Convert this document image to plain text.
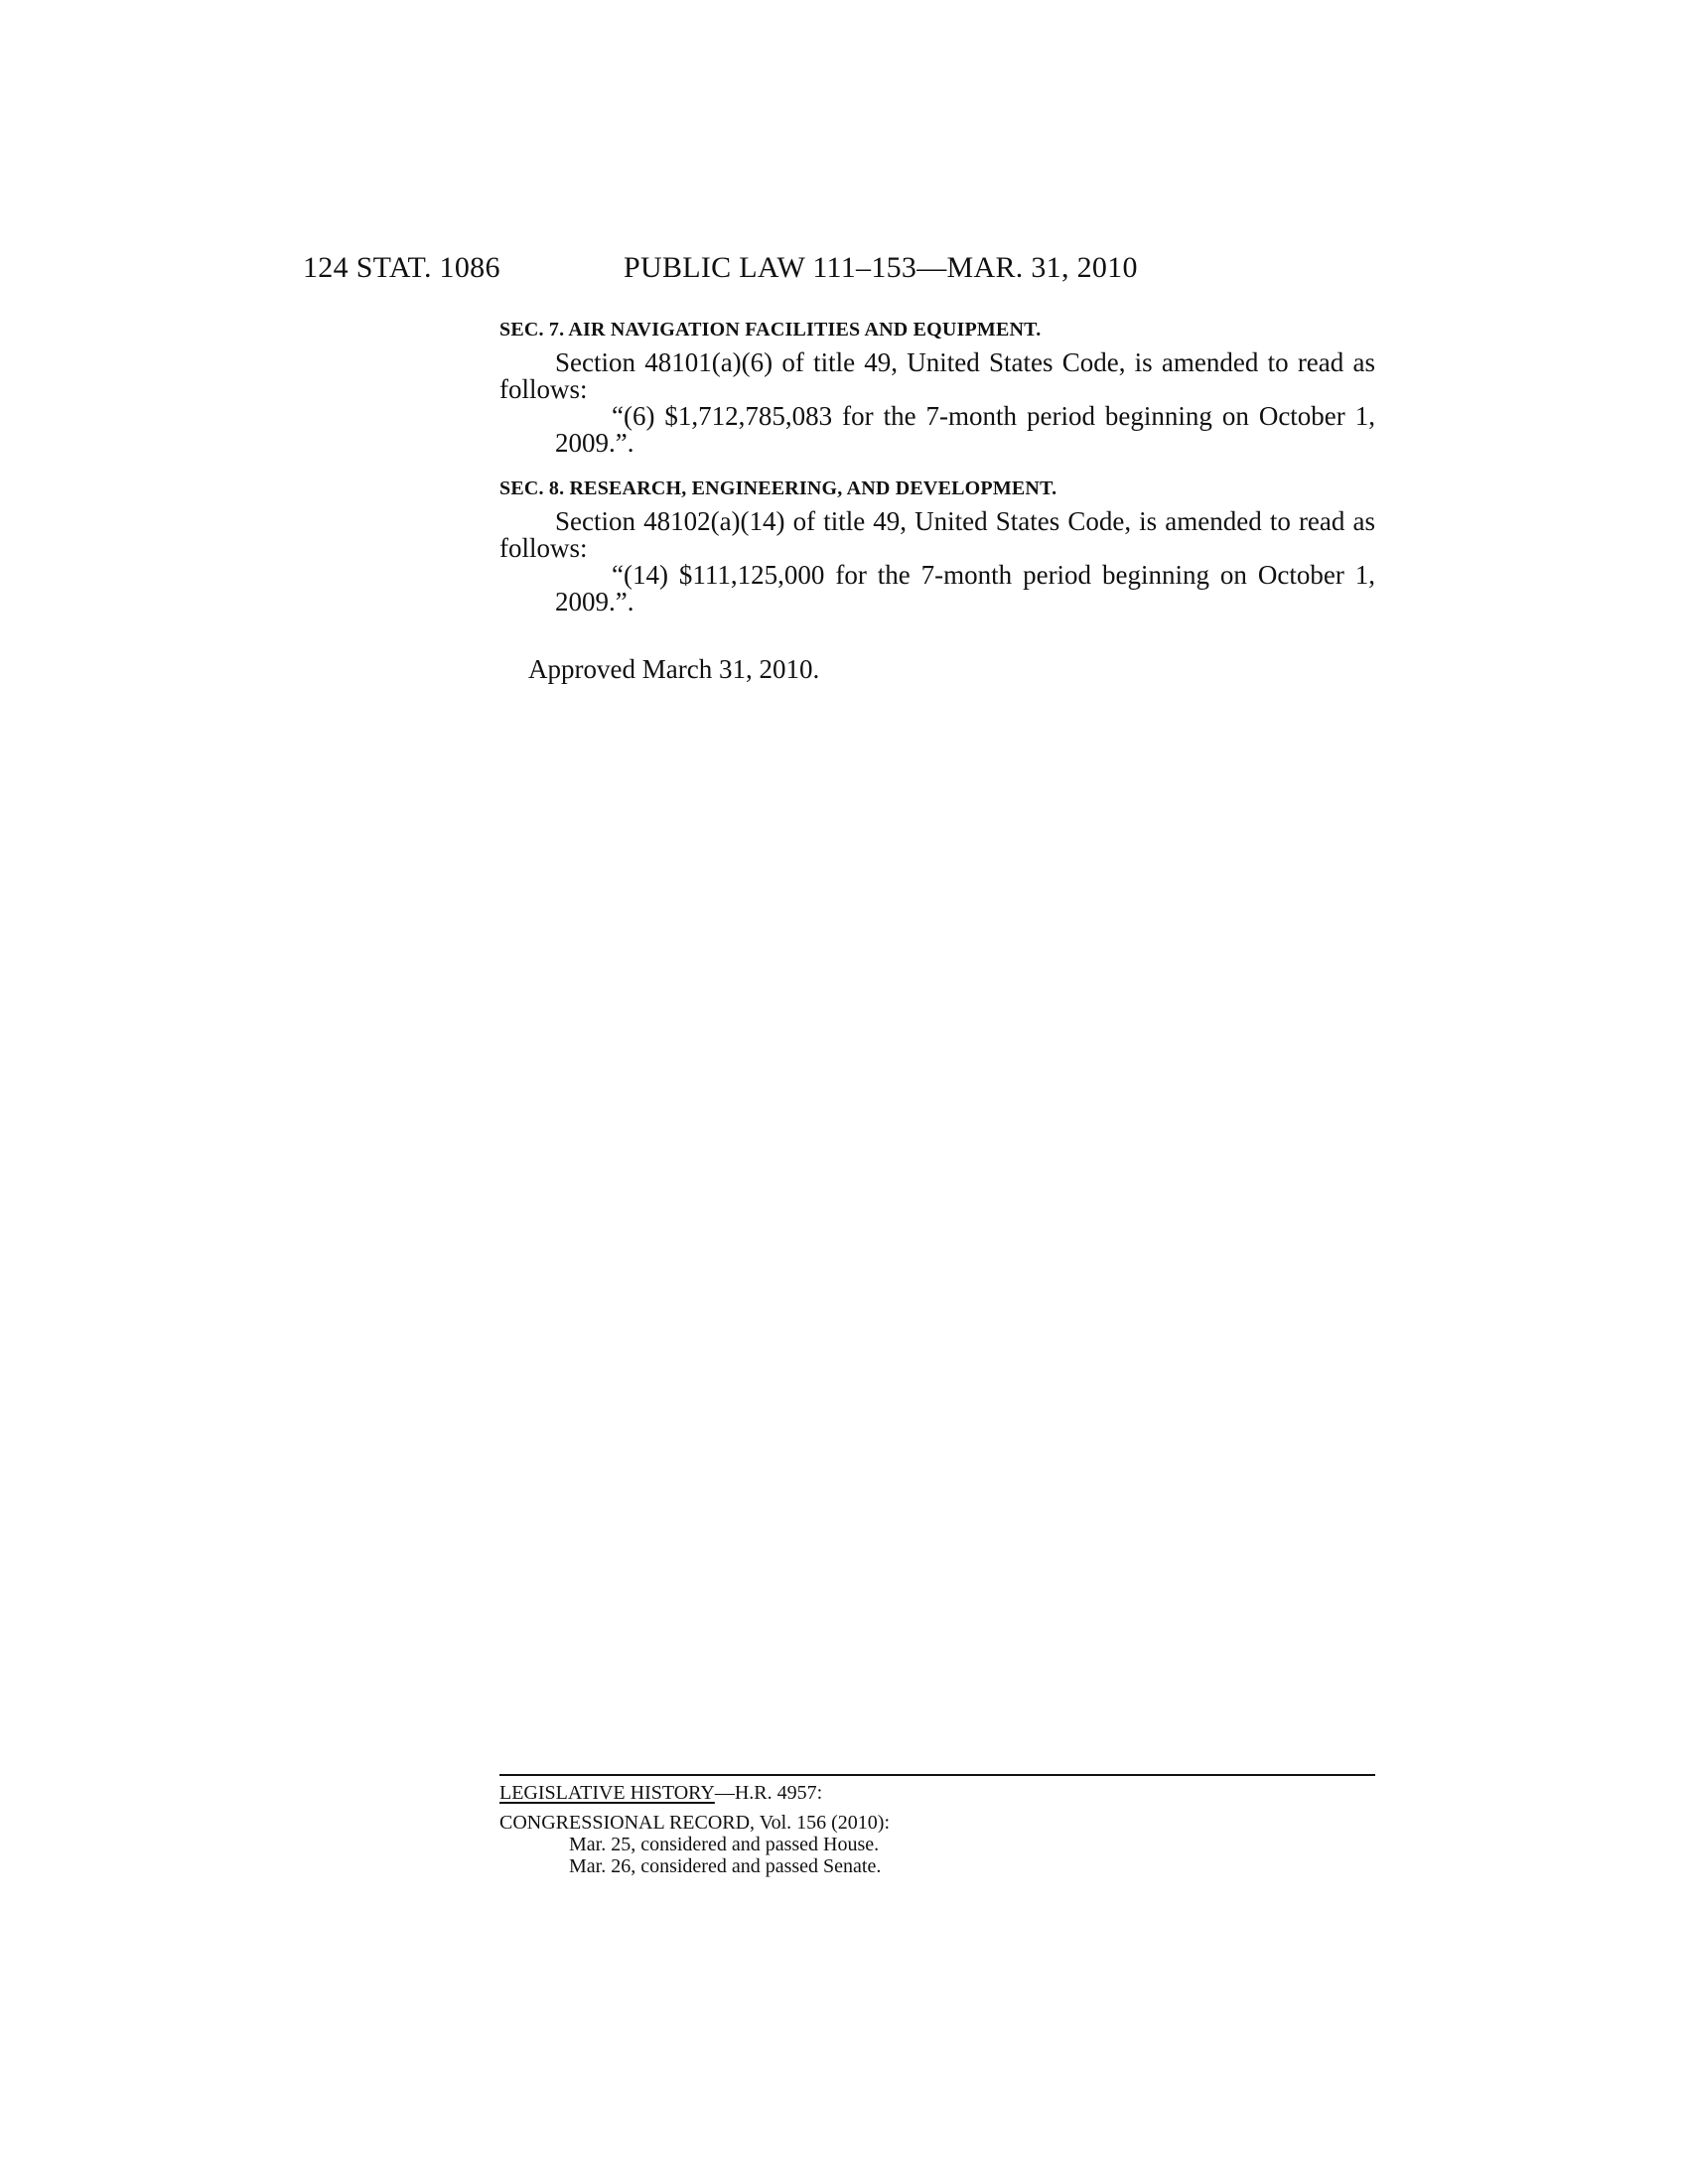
124 STAT. 1086	PUBLIC LAW 111–153—MAR. 31, 2010
SEC. 7. AIR NAVIGATION FACILITIES AND EQUIPMENT.
Section 48101(a)(6) of title 49, United States Code, is amended to read as follows:
“(6) $1,712,785,083 for the 7-month period beginning on October 1, 2009.”.
SEC. 8. RESEARCH, ENGINEERING, AND DEVELOPMENT.
Section 48102(a)(14) of title 49, United States Code, is amended to read as follows:
“(14) $111,125,000 for the 7-month period beginning on October 1, 2009.”.
Approved March 31, 2010.
LEGISLATIVE HISTORY—H.R. 4957:
CONGRESSIONAL RECORD, Vol. 156 (2010):
Mar. 25, considered and passed House.
Mar. 26, considered and passed Senate.
